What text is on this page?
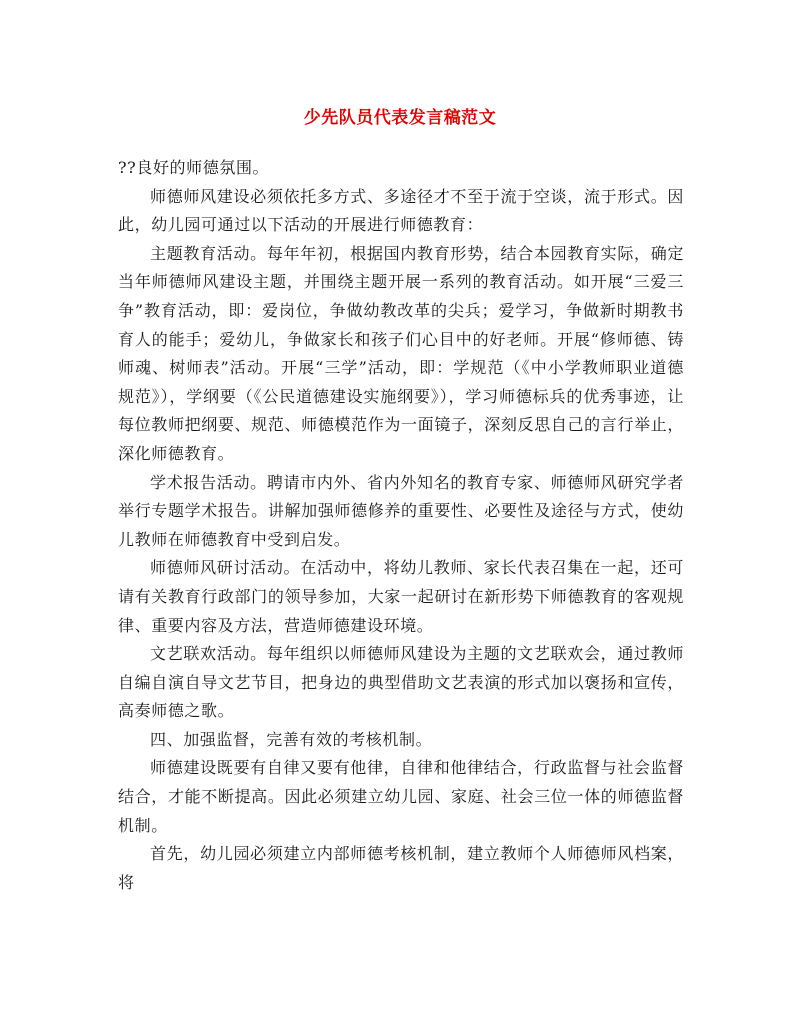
少先队员代表发言稿范文

??良好的师德氛围。

师德师风建设必须依托多方式、多途径才不至于流于空谈，流于形式。因此，幼儿园可通过以下活动的开展进行师德教育：

主题教育活动。每年年初，根据国内教育形势，结合本园教育实际，确定当年师德师风建设主题，并围绕主题开展一系列的教育活动。如开展“三爱三争”教育活动，即：爱岗位，争做幼教改革的尖兵；爱学习，争做新时期教书育人的能手；爱幼儿，争做家长和孩子们心目中的好老师。开展“修师德、铸师魂、树师表”活动。开展“三学”活动，即：学规范（《中小学教师职业道德规范》），学纲要（《公民道德建设实施纲要》），学习师德标兵的优秀事迹，让每位教师把纲要、规范、师德模范作为一面镜子，深刻反思自己的言行举止，深化师德教育。

学术报告活动。聘请市内外、省内外知名的教育专家、师德师风研究学者举行专题学术报告。讲解加强师德修养的重要性、必要性及途径与方式，使幼儿教师在师德教育中受到启发。

师德师风研讨活动。在活动中，将幼儿教师、家长代表召集在一起，还可请有关教育行政部门的领导参加，大家一起研讨在新形势下师德教育的客观规律、重要内容及方法，营造师德建设环境。

文艺联欢活动。每年组织以师德师风建设为主题的文艺联欢会，通过教师自编自演自导文艺节目，把身边的典型借助文艺表演的形式加以褒扬和宣传，高奏师德之歌。

四、加强监督，完善有效的考核机制。

师德建设既要有自律又要有他律，自律和他律结合，行政监督与社会监督结合，才能不断提高。因此必须建立幼儿园、家庭、社会三位一体的师德监督机制。

首先，幼儿园必须建立内部师德考核机制，建立教师个人师德师风档案，将
